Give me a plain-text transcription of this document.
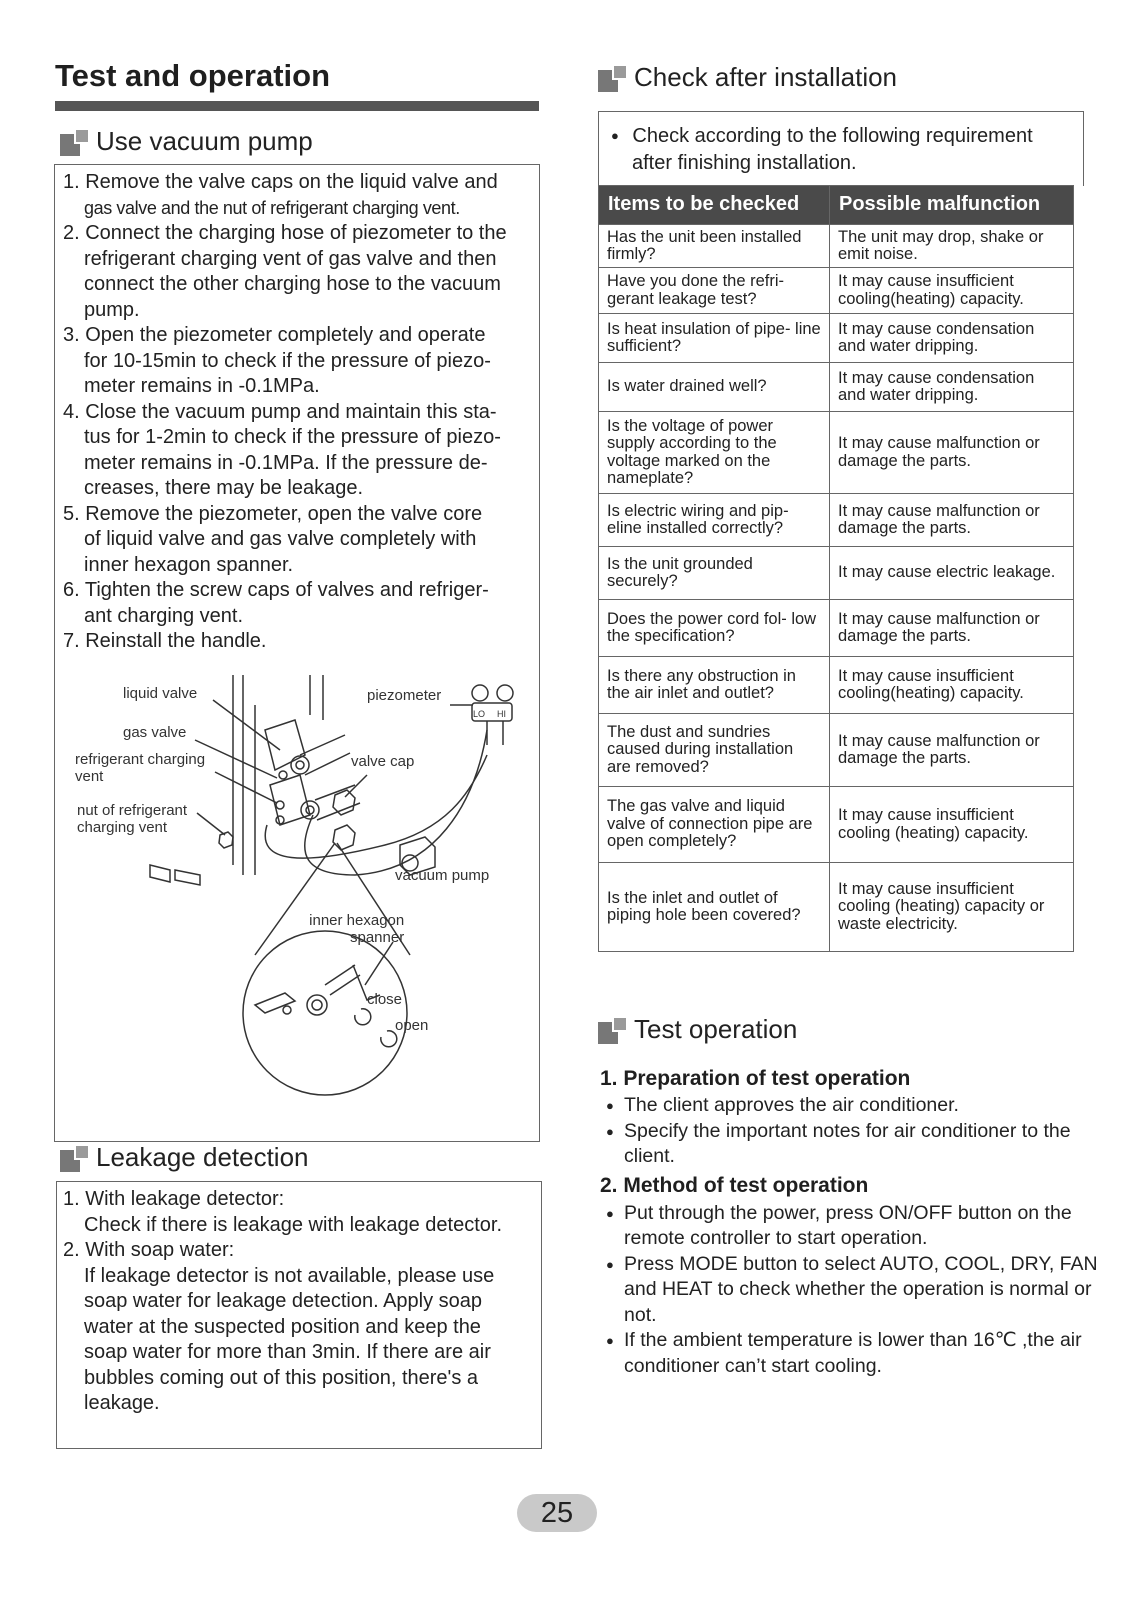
Test and operation
Use vacuum pump
1. Remove the valve caps on the liquid valve and
gas valve and the nut of refrigerant charging vent.
2. Connect the charging hose of piezometer to the
refrigerant charging vent of gas valve and then
connect the other charging hose to the vacuum
pump.
3. Open the piezometer completely and operate
for 10-15min to check if the pressure of piezo-
meter remains in -0.1MPa.
4. Close the vacuum pump and maintain this sta-
tus for 1-2min to check if the pressure of piezo-
meter remains in -0.1MPa. If the pressure de-
creases, there may be leakage.
5. Remove the piezometer, open the valve core
of liquid valve and gas valve completely with
inner hexagon spanner.
6. Tighten the screw caps of valves and refriger-
ant charging vent.
7. Reinstall the handle.
LO HI
liquid valve
gas valve
refrigerant charging
vent
nut of refrigerant
charging vent
piezometer
valve cap
vacuum pump
inner hexagon
spanner
close
open
Leakage detection
1. With leakage detector:
Check if there is leakage with leakage detector.
2. With soap water:
If leakage detector is not available, please use
soap water for leakage detection. Apply soap
water at the suspected position and keep the
soap water for more than 3min. If there are air
bubbles coming out of this position, there's a
leakage.
Check after installation
● Check according to the following requirement
after finishing installation.
Items to be checked	Possible malfunction
Has the unit been installed firmly?	The unit may drop, shake or emit noise.
Have you done the refri- gerant leakage test?	It may cause insufficient cooling(heating) capacity.
Is heat insulation of pipe- line sufficient?	It may cause condensation and water dripping.
Is water drained well?	It may cause condensation and water dripping.
Is the voltage of power supply according to the voltage marked on the nameplate?	It may cause malfunction or damage the parts.
Is electric wiring and pip- eline installed correctly?	It may cause malfunction or damage the parts.
Is the unit grounded securely?	It may cause electric leakage.
Does the power cord fol- low the specification?	It may cause malfunction or damage the parts.
Is there any obstruction in the air inlet and outlet?	It may cause insufficient cooling(heating) capacity.
The dust and sundries caused during installation are removed?	It may cause malfunction or damage the parts.
The gas valve and liquid valve of connection pipe are open completely?	It may cause insufficient cooling (heating) capacity.
Is the inlet and outlet of piping hole been covered?	It may cause insufficient cooling (heating) capacity or waste electricity.
Test operation
1. Preparation of test operation
● The client approves the air conditioner.
● Specify the important notes for air conditioner to the client.
2. Method of test operation
● Put through the power, press ON/OFF button on the remote controller to start operation.
● Press MODE button to select AUTO, COOL, DRY, FAN and HEAT to check whether the operation is normal or not.
● If the ambient temperature is lower than 16℃ ,the air conditioner can’t start cooling.
25
